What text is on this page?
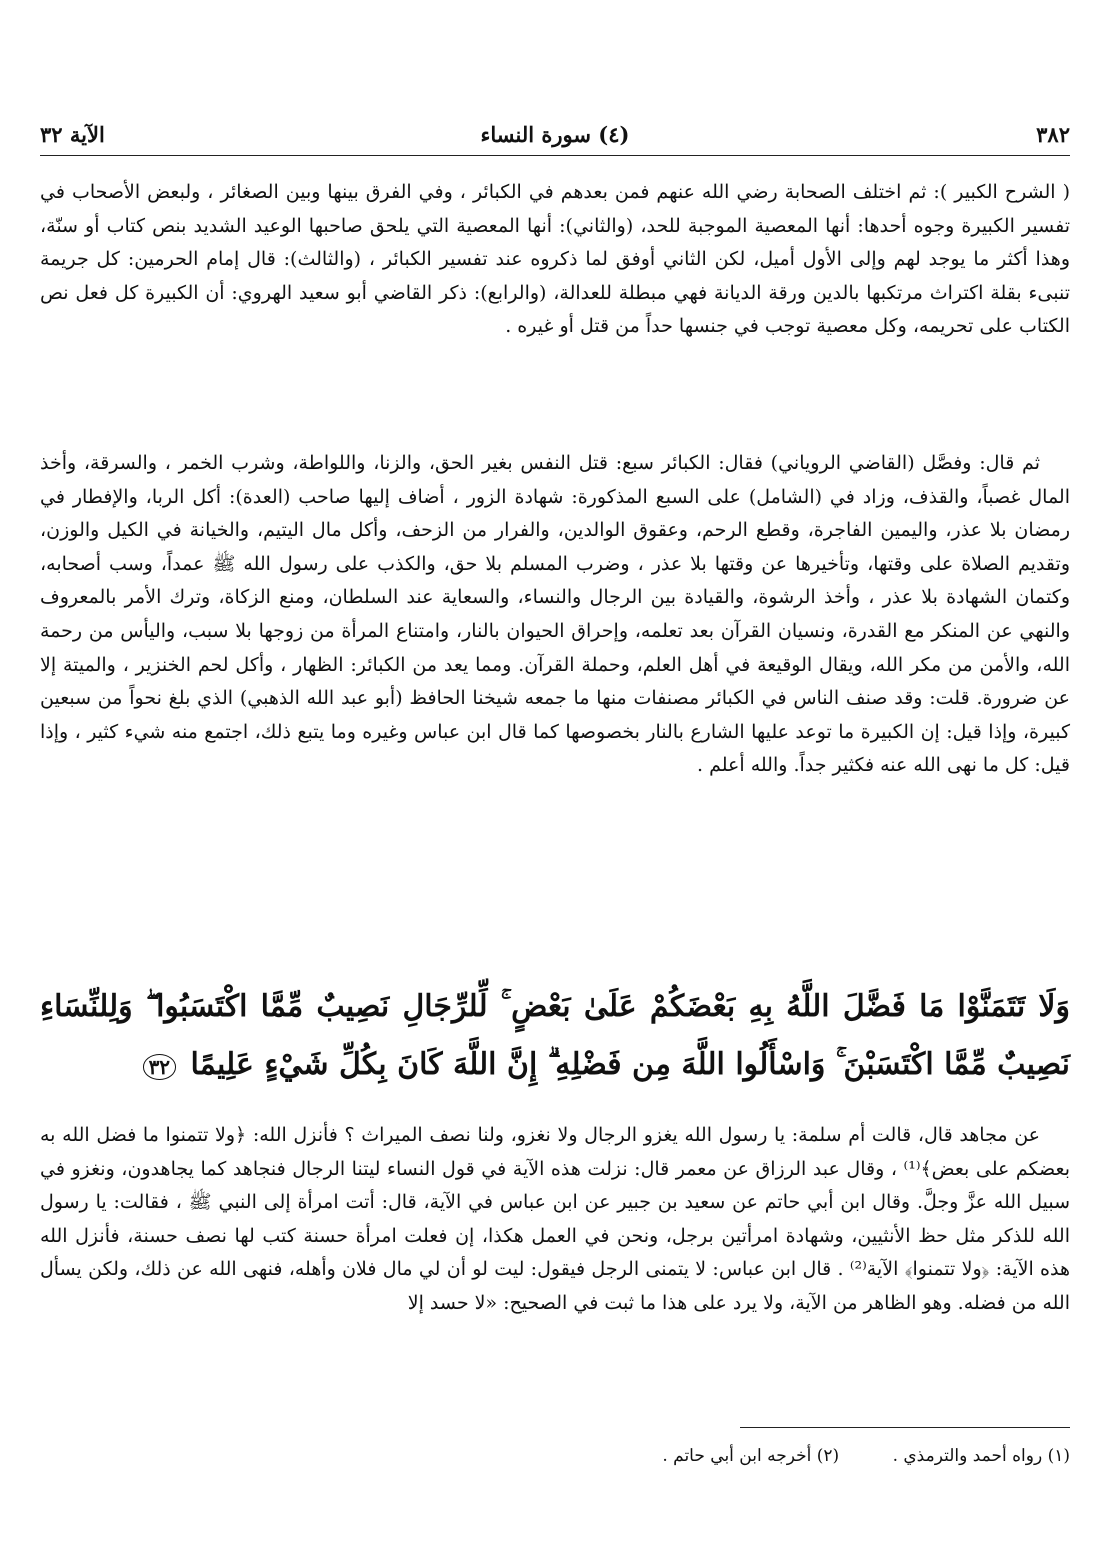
٣٨٢
(٤) سورة النساء
الآية ٣٢

( الشرح الكبير ): ثم اختلف الصحابة رضي الله عنهم فمن بعدهم في الكبائر ، وفي الفرق بينها وبين الصغائر ، ولبعض الأصحاب في تفسير الكبيرة وجوه أحدها: أنها المعصية الموجبة للحد، (والثاني): أنها المعصية التي يلحق صاحبها الوعيد الشديد بنص كتاب أو سنّة، وهذا أكثر ما يوجد لهم وإلى الأول أميل، لكن الثاني أوفق لما ذكروه عند تفسير الكبائر ، (والثالث): قال إمام الحرمين: كل جريمة تنبىء بقلة اكتراث مرتكبها بالدين ورقة الديانة فهي مبطلة للعدالة، (والرابع): ذكر القاضي أبو سعيد الهروي: أن الكبيرة كل فعل نص الكتاب على تحريمه، وكل معصية توجب في جنسها حداً من قتل أو غيره .

ثم قال: وفصَّل (القاضي الروياني) فقال: الكبائر سبع: قتل النفس بغير الحق، والزنا، واللواطة، وشرب الخمر ، والسرقة، وأخذ المال غصباً، والقذف، وزاد في (الشامل) على السبع المذكورة: شهادة الزور ، أضاف إليها صاحب (العدة): أكل الربا، والإفطار في رمضان بلا عذر، واليمين الفاجرة، وقطع الرحم، وعقوق الوالدين، والفرار من الزحف، وأكل مال اليتيم، والخيانة في الكيل والوزن، وتقديم الصلاة على وقتها، وتأخيرها عن وقتها بلا عذر ، وضرب المسلم بلا حق، والكذب على رسول الله ﷺ عمداً، وسب أصحابه، وكتمان الشهادة بلا عذر ، وأخذ الرشوة، والقيادة بين الرجال والنساء، والسعاية عند السلطان، ومنع الزكاة، وترك الأمر بالمعروف والنهي عن المنكر مع القدرة، ونسيان القرآن بعد تعلمه، وإحراق الحيوان بالنار، وامتناع المرأة من زوجها بلا سبب، واليأس من رحمة الله، والأمن من مكر الله، ويقال الوقيعة في أهل العلم، وحملة القرآن. ومما يعد من الكبائر: الظهار ، وأكل لحم الخنزير ، والميتة إلا عن ضرورة. قلت: وقد صنف الناس في الكبائر مصنفات منها ما جمعه شيخنا الحافظ (أبو عبد الله الذهبي) الذي بلغ نحواً من سبعين كبيرة، وإذا قيل: إن الكبيرة ما توعد عليها الشارع بالنار بخصوصها كما قال ابن عباس وغيره وما يتبع ذلك، اجتمع منه شيء كثير ، وإذا قيل: كل ما نهى الله عنه فكثير جداً. والله أعلم .

وَلَا تَتَمَنَّوْا مَا فَضَّلَ اللَّهُ بِهِ بَعْضَكُمْ عَلَىٰ بَعْضٍ ۚ لِّلرِّجَالِ نَصِيبٌ مِّمَّا اكْتَسَبُوا ۖ وَلِلنِّسَاءِ نَصِيبٌ مِّمَّا اكْتَسَبْنَ ۚ وَاسْأَلُوا اللَّهَ مِن فَضْلِهِ ۗ إِنَّ اللَّهَ كَانَ بِكُلِّ شَيْءٍ عَلِيمًا ٣٢

عن مجاهد قال، قالت أم سلمة: يا رسول الله يغزو الرجال ولا نغزو، ولنا نصف الميراث ؟ فأنزل الله: ﴿ولا تتمنوا ما فضل الله به بعضكم على بعض﴾⁽¹⁾ ، وقال عبد الرزاق عن معمر قال: نزلت هذه الآية في قول النساء ليتنا الرجال فنجاهد كما يجاهدون، ونغزو في سبيل الله عزَّ وجلَّ. وقال ابن أبي حاتم عن سعيد بن جبير عن ابن عباس في الآية، قال: أتت امرأة إلى النبي ﷺ ، فقالت: يا رسول الله للذكر مثل حظ الأنثيين، وشهادة امرأتين برجل، ونحن في العمل هكذا، إن فعلت امرأة حسنة كتب لها نصف حسنة، فأنزل الله هذه الآية: ﴿ولا تتمنوا﴾ الآية⁽²⁾ . قال ابن عباس: لا يتمنى الرجل فيقول: ليت لو أن لي مال فلان وأهله، فنهى الله عن ذلك، ولكن يسأل الله من فضله. وهو الظاهر من الآية، ولا يرد على هذا ما ثبت في الصحيح: «لا حسد إلا

(١) رواه أحمد والترمذي . (٢) أخرجه ابن أبي حاتم .
